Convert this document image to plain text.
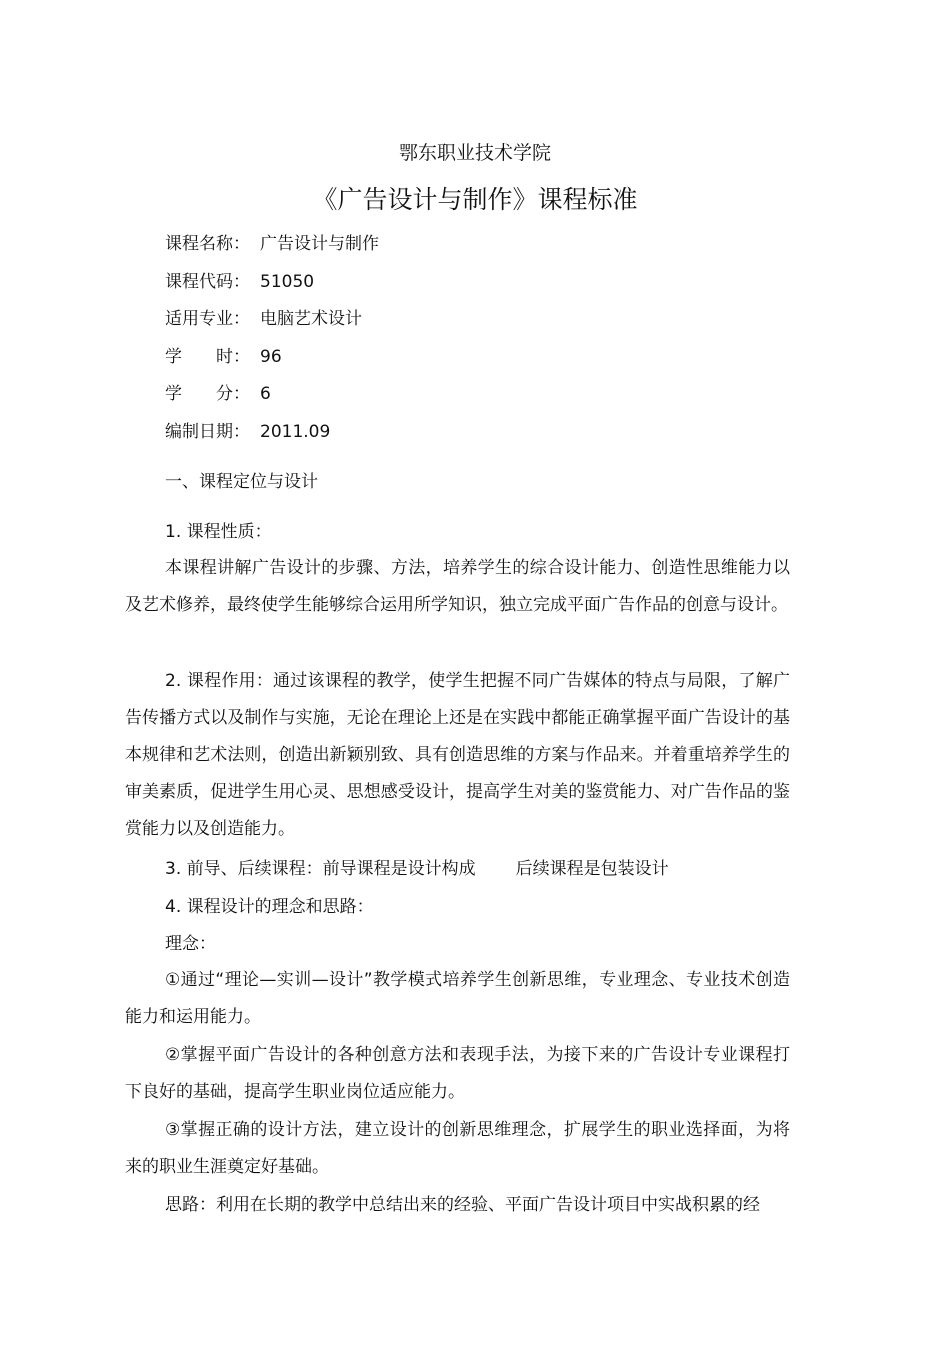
鄂东职业技术学院
《广告设计与制作》课程标准
课程名称： 广告设计与制作
课程代码： 51050
适用专业： 电脑艺术设计
学　　时： 96
学　　分： 6
编制日期： 2011.09
一、课程定位与设计
1. 课程性质：
本课程讲解广告设计的步骤、方法，培养学生的综合设计能力、创造性思维能力以及艺术修养，最终使学生能够综合运用所学知识，独立完成平面广告作品的创意与设计。
2. 课程作用：通过该课程的教学，使学生把握不同广告媒体的特点与局限，了解广告传播方式以及制作与实施，无论在理论上还是在实践中都能正确掌握平面广告设计的基本规律和艺术法则，创造出新颖别致、具有创造思维的方案与作品来。并着重培养学生的审美素质，促进学生用心灵、思想感受设计，提高学生对美的鉴赏能力、对广告作品的鉴赏能力以及创造能力。
3. 前导、后续课程：前导课程是设计构成 后续课程是包装设计
4. 课程设计的理念和思路：
理念：
①通过“理论—实训—设计”教学模式培养学生创新思维，专业理念、专业技术创造能力和运用能力。
②掌握平面广告设计的各种创意方法和表现手法，为接下来的广告设计专业课程打下良好的基础，提高学生职业岗位适应能力。
③掌握正确的设计方法，建立设计的创新思维理念，扩展学生的职业选择面，为将来的职业生涯奠定好基础。
思路：利用在长期的教学中总结出来的经验、平面广告设计项目中实战积累的经
